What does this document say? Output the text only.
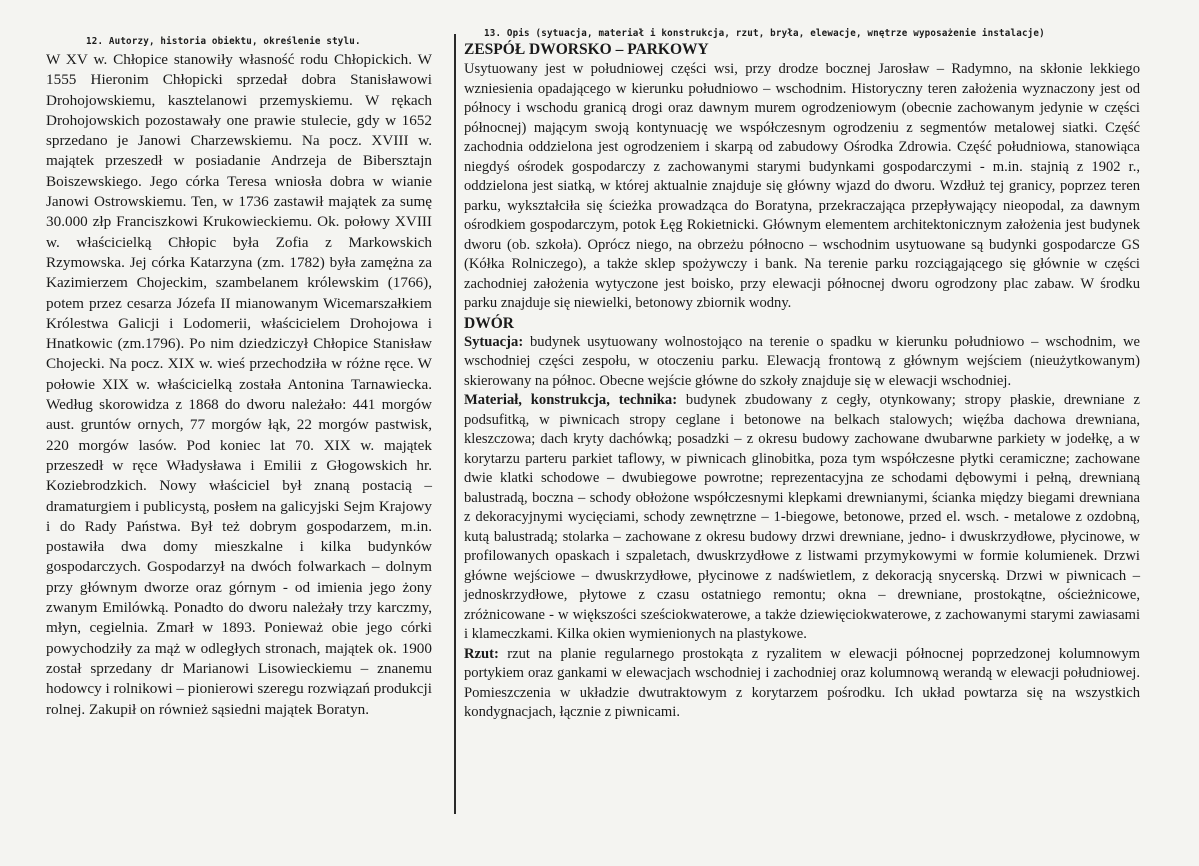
12. Autorzy, historia obiektu, określenie stylu.

W XV w. Chłopice stanowiły własność rodu Chłopickich. W 1555 Hieronim Chłopicki sprzedał dobra Stanisławowi Drohojowskiemu, kasztelanowi przemyskiemu. W rękach Drohojowskich pozostawały one prawie stulecie, gdy w 1652 sprzedano je Janowi Charzewskiemu. Na pocz. XVIII w. majątek przeszedł w posiadanie Andrzeja de Bibersztajn Boiszewskiego. Jego córka Teresa wniosła dobra w wianie Janowi Ostrowskiemu. Ten, w 1736 zastawił majątek za sumę 30.000 złp Franciszkowi Krukowieckiemu. Ok. połowy XVIII w. właścicielką Chłopic była Zofia z Markowskich Rzymowska. Jej córka Katarzyna (zm. 1782) była zamężna za Kazimierzem Chojeckim, szambelanem królewskim (1766), potem przez cesarza Józefa II mianowanym Wicemarszałkiem Królestwa Galicji i Lodomerii, właścicielem Drohojowa i Hnatkowic (zm.1796). Po nim dziedziczył Chłopice Stanisław Chojecki. Na pocz. XIX w. wieś przechodziła w różne ręce. W połowie XIX w. właścicielką została Antonina Tarnawiecka. Według skorowidza z 1868 do dworu należało: 441 morgów aust. gruntów ornych, 77 morgów łąk, 22 morgów pastwisk, 220 morgów lasów. Pod koniec lat 70. XIX w. majątek przeszedł w ręce Władysława i Emilii z Głogowskich hr. Koziebrodzkich. Nowy właściciel był znaną postacią – dramaturgiem i publicystą, posłem na galicyjski Sejm Krajowy i do Rady Państwa. Był też dobrym gospodarzem, m.in. postawiła dwa domy mieszkalne i kilka budynków gospodarczych. Gospodarzył na dwóch folwarkach – dolnym przy głównym dworze oraz górnym - od imienia jego żony zwanym Emilówką. Ponadto do dworu należały trzy karczmy, młyn, cegielnia. Zmarł w 1893. Ponieważ obie jego córki powychodziły za mąż w odległych stronach, majątek ok. 1900 został sprzedany dr Marianowi Lisowieckiemu – znanemu hodowcy i rolnikowi – pionierowi szeregu rozwiązań produkcji rolnej. Zakupił on również sąsiedni majątek Boratyn.

13. Opis (sytuacja, materiał i konstrukcja, rzut, bryła, elewacje, wnętrze wyposażenie instalacje)
ZESPÓŁ DWORSKO – PARKOWY

Usytuowany jest w południowej części wsi, przy drodze bocznej Jarosław – Radymno, na skłonie lekkiego wzniesienia opadającego w kierunku południowo – wschodnim. Historyczny teren założenia wyznaczony jest od północy i wschodu granicą drogi oraz dawnym murem ogrodzeniowym (obecnie zachowanym jedynie w części północnej) mającym swoją kontynuację we współczesnym ogrodzeniu z segmentów metalowej siatki. Część zachodnia oddzielona jest ogrodzeniem i skarpą od zabudowy Ośrodka Zdrowia. Część południowa, stanowiąca niegdyś ośrodek gospodarczy z zachowanymi starymi budynkami gospodarczymi - m.in. stajnią z 1902 r., oddzielona jest siatką, w której aktualnie znajduje się główny wjazd do dworu. Wzdłuż tej granicy, poprzez teren parku, wykształciła się ścieżka prowadząca do Boratyna, przekraczająca przepływający nieopodal, za dawnym ośrodkiem gospodarczym, potok Łęg Rokietnicki. Głównym elementem architektonicznym założenia jest budynek dworu (ob. szkoła). Oprócz niego, na obrzeżu północno – wschodnim usytuowane są budynki gospodarcze GS (Kółka Rolniczego), a także sklep spożywczy i bank. Na terenie parku rozciągającego się głównie w części zachodniej założenia wytyczone jest boisko, przy elewacji północnej dworu ogrodzony plac zabaw. W środku parku znajduje się niewielki, betonowy zbiornik wodny.

DWÓR

Sytuacja: budynek usytuowany wolnostojąco na terenie o spadku w kierunku południowo – wschodnim, we wschodniej części zespołu, w otoczeniu parku. Elewacją frontową z głównym wejściem (nieużytkowanym) skierowany na północ. Obecne wejście główne do szkoły znajduje się w elewacji wschodniej.

Materiał, konstrukcja, technika: budynek zbudowany z cegły, otynkowany; stropy płaskie, drewniane z podsufitką, w piwnicach stropy ceglane i betonowe na belkach stalowych; więźba dachowa drewniana, kleszczowa; dach kryty dachówką; posadzki – z okresu budowy zachowane dwubarwne parkiety w jodełkę, a w korytarzu parteru parkiet taflowy, w piwnicach glinobitka, poza tym współczesne płytki ceramiczne; zachowane dwie klatki schodowe – dwubiegowe powrotne; reprezentacyjna ze schodami dębowymi i pełną, drewnianą balustradą, boczna – schody obłożone współczesnymi klepkami drewnianymi, ścianka między biegami drewniana z dekoracyjnymi wycięciami, schody zewnętrzne – 1-biegowe, betonowe, przed el. wsch. - metalowe z ozdobną, kutą balustradą; stolarka – zachowane z okresu budowy drzwi drewniane, jedno- i dwuskrzydłowe, płycinowe, w profilowanych opaskach i szpaletach, dwuskrzydłowe z listwami przymykowymi w formie kolumienek. Drzwi główne wejściowe – dwuskrzydłowe, płycinowe z nadświetlem, z dekoracją snycerską. Drzwi w piwnicach – jednoskrzydłowe, płytowe z czasu ostatniego remontu; okna – drewniane, prostokątne, ościeżnicowe, zróżnicowane - w większości sześciokwaterowe, a także dziewięciokwaterowe, z zachowanymi starymi zawiasami i klameczkami. Kilka okien wymienionych na plastykowe.

Rzut: rzut na planie regularnego prostokąta z ryzalitem w elewacji północnej poprzedzonej kolumnowym portykiem oraz gankami w elewacjach wschodniej i zachodniej oraz kolumnową werandą w elewacji południowej. Pomieszczenia w układzie dwutraktowym z korytarzem pośrodku. Ich układ powtarza się na wszystkich kondygnacjach, łącznie z piwnicami.
